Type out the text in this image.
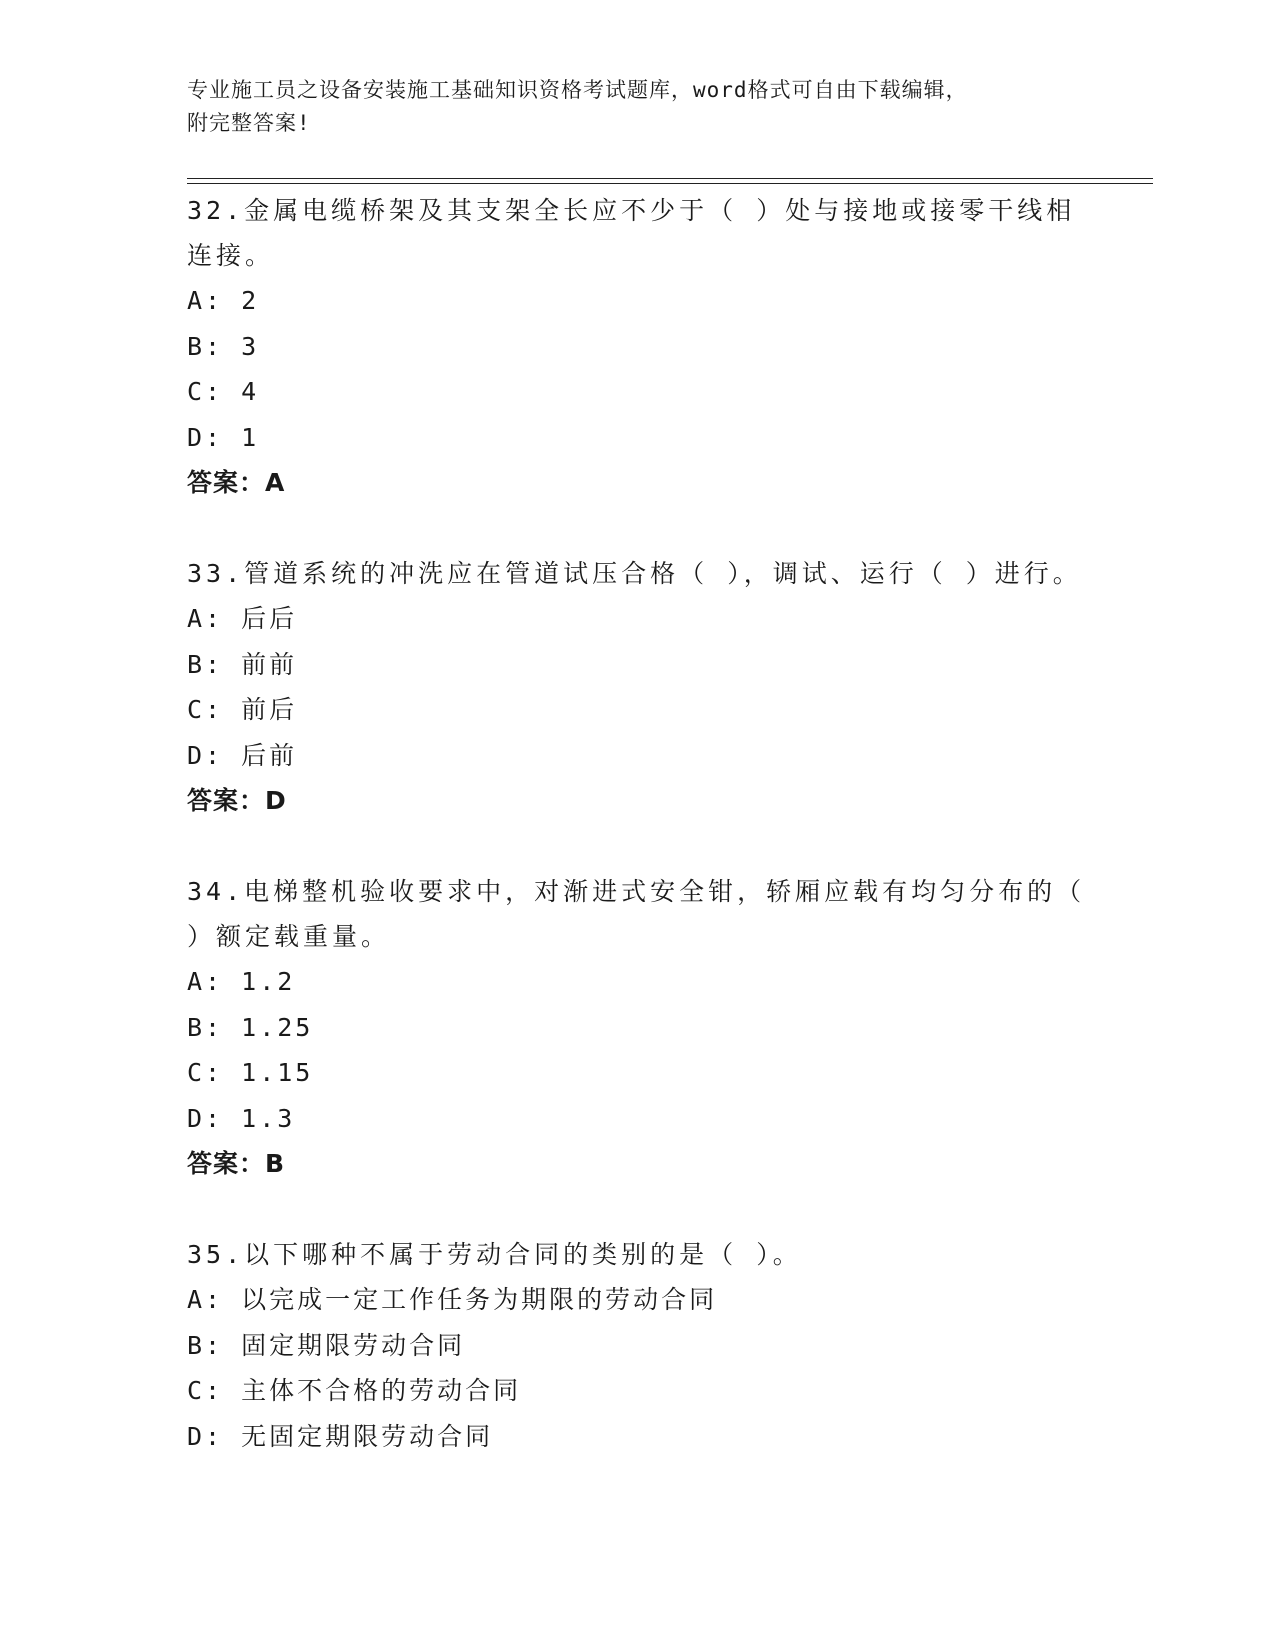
专业施工员之设备安装施工基础知识资格考试题库，word格式可自由下载编辑，
附完整答案!

32.金属电缆桥架及其支架全长应不少于（ ）处与接地或接零干线相

连接。

A: 2

B: 3

C: 4

D: 1

答案：A

33.管道系统的冲洗应在管道试压合格（ ），调试、运行（ ）进行。

A: 后后

B: 前前

C: 前后

D: 后前

答案：D

34.电梯整机验收要求中，对渐进式安全钳，轿厢应载有均匀分布的（

）额定载重量。

A: 1.2

B: 1.25

C: 1.15

D: 1.3

答案：B

35.以下哪种不属于劳动合同的类别的是（ ）。

A: 以完成一定工作任务为期限的劳动合同

B: 固定期限劳动合同

C: 主体不合格的劳动合同

D: 无固定期限劳动合同
